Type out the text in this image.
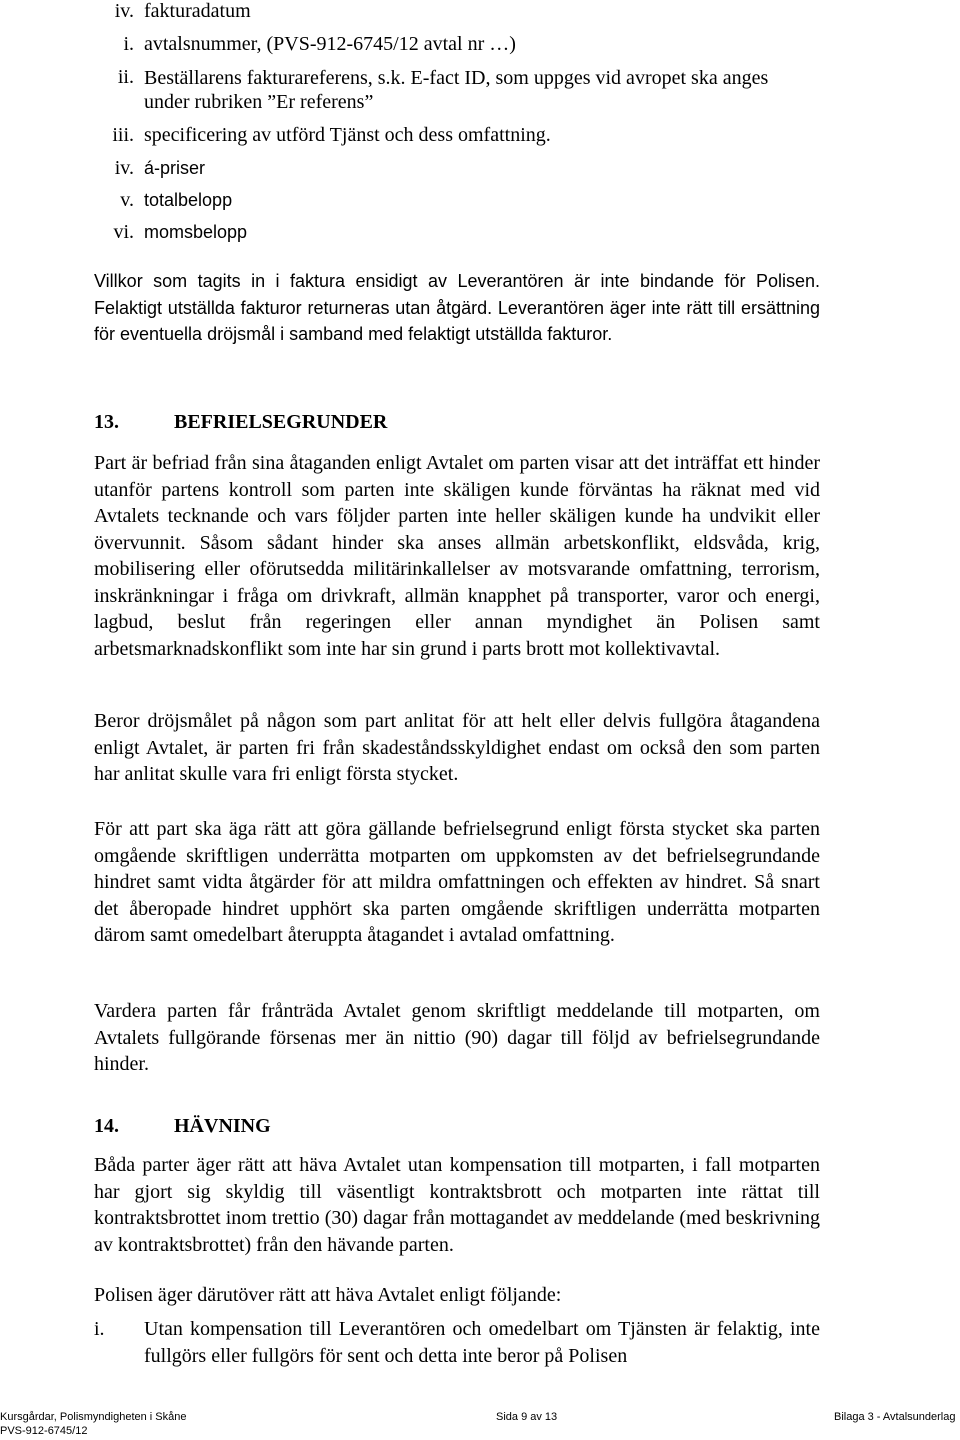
iv. fakturadatum
i. avtalsnummer, (PVS-912-6745/12 avtal nr …)
ii. Beställarens fakturareferens, s.k. E-fact ID, som uppges vid avropet ska anges under rubriken ”Er referens”
iii. specificering av utförd Tjänst och dess omfattning.
iv. á-priser
v. totalbelopp
vi. momsbelopp
Villkor som tagits in i faktura ensidigt av Leverantören är inte bindande för Polisen. Felaktigt utställda fakturor returneras utan åtgärd. Leverantören äger inte rätt till ersättning för eventuella dröjsmål i samband med felaktigt utställda fakturor.
13.	BEFRIELSEGRUNDER
Part är befriad från sina åtaganden enligt Avtalet om parten visar att det inträffat ett hinder utanför partens kontroll som parten inte skäligen kunde förväntas ha räknat med vid Avtalets tecknande och vars följder parten inte heller skäligen kunde ha undvikit eller övervunnit. Såsom sådant hinder ska anses allmän arbetskonflikt, eldsvåda, krig, mobilisering eller oförutsedda militärinkallelser av motsvarande omfattning, terrorism, inskränkningar i fråga om drivkraft, allmän knapphet på transporter, varor och energi, lagbud, beslut från regeringen eller annan myndighet än Polisen samt arbetsmarknadskonflikt som inte har sin grund i parts brott mot kollektivavtal.
Beror dröjsmålet på någon som part anlitat för att helt eller delvis fullgöra åtagandena enligt Avtalet, är parten fri från skadeståndsskyldighet endast om också den som parten har anlitat skulle vara fri enligt första stycket.
För att part ska äga rätt att göra gällande befrielsegrund enligt första stycket ska parten omgående skriftligen underrätta motparten om uppkomsten av det befrielsegrundande hindret samt vidta åtgärder för att mildra omfattningen och effekten av hindret. Så snart det åberopade hindret upphört ska parten omgående skriftligen underrätta motparten därom samt omedelbart återuppta åtagandet i avtalad omfattning.
Vardera parten får frånträda Avtalet genom skriftligt meddelande till motparten, om Avtalets fullgörande försenas mer än nittio (90) dagar till följd av befrielsegrundande hinder.
14.	HÄVNING
Båda parter äger rätt att häva Avtalet utan kompensation till motparten, i fall motparten har gjort sig skyldig till väsentligt kontraktsbrott och motparten inte rättat till kontraktsbrottet inom trettio (30) dagar från mottagandet av meddelande (med beskrivning av kontraktsbrottet) från den hävande parten.
Polisen äger därutöver rätt att häva Avtalet enligt följande:
i.	Utan kompensation till Leverantören och omedelbart om Tjänsten är felaktig, inte fullgörs eller fullgörs för sent och detta inte beror på Polisen
Kursgårdar, Polismyndigheten i Skåne	Sida 9 av 13	Bilaga 3 - Avtalsunderlag
PVS-912-6745/12
